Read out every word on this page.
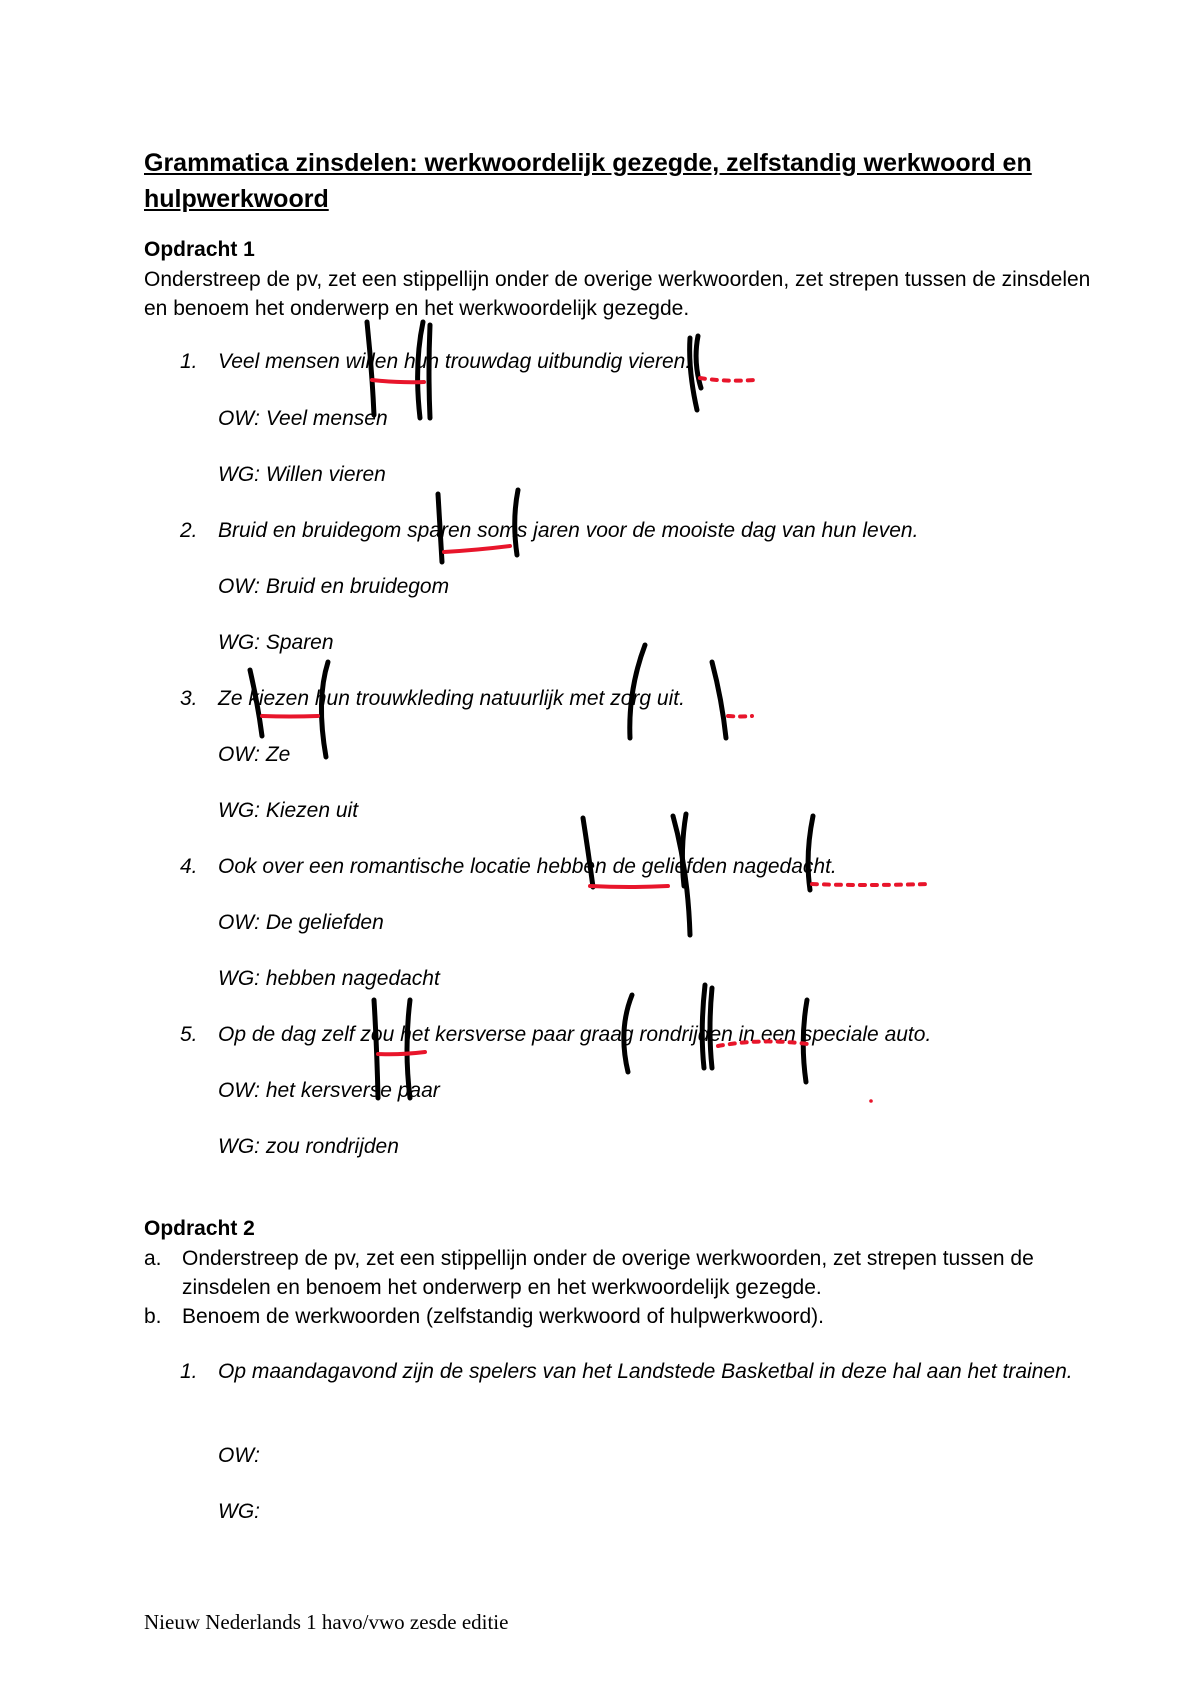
Grammatica zinsdelen: werkwoordelijk gezegde, zelfstandig werkwoord en hulpwerkwoord
Opdracht 1

Onderstreep de pv, zet een stippellijn onder de overige werkwoorden, zet strepen tussen de zinsdelen en benoem het onderwerp en het werkwoordelijk gezegde.

1. Veel mensen willen hun trouwdag uitbundig vieren.
OW: Veel mensen
WG: Willen vieren
2. Bruid en bruidegom sparen soms jaren voor de mooiste dag van hun leven.
OW: Bruid en bruidegom
WG: Sparen
3. Ze kiezen hun trouwkleding natuurlijk met zorg uit.
OW: Ze
WG: Kiezen uit
4. Ook over een romantische locatie hebben de geliefden nagedacht.
OW: De geliefden
WG: hebben nagedacht
5. Op de dag zelf zou het kersverse paar graag rondrijden in een speciale auto.
OW: het kersverse paar
WG: zou rondrijden
Opdracht 2
a. Onderstreep de pv, zet een stippellijn onder de overige werkwoorden, zet strepen tussen de zinsdelen en benoem het onderwerp en het werkwoordelijk gezegde.
b. Benoem de werkwoorden (zelfstandig werkwoord of hulpwerkwoord).
1. Op maandagavond zijn de spelers van het Landstede Basketbal in deze hal aan het trainen.
OW:
WG:
Nieuw Nederlands 1 havo/vwo zesde editie
